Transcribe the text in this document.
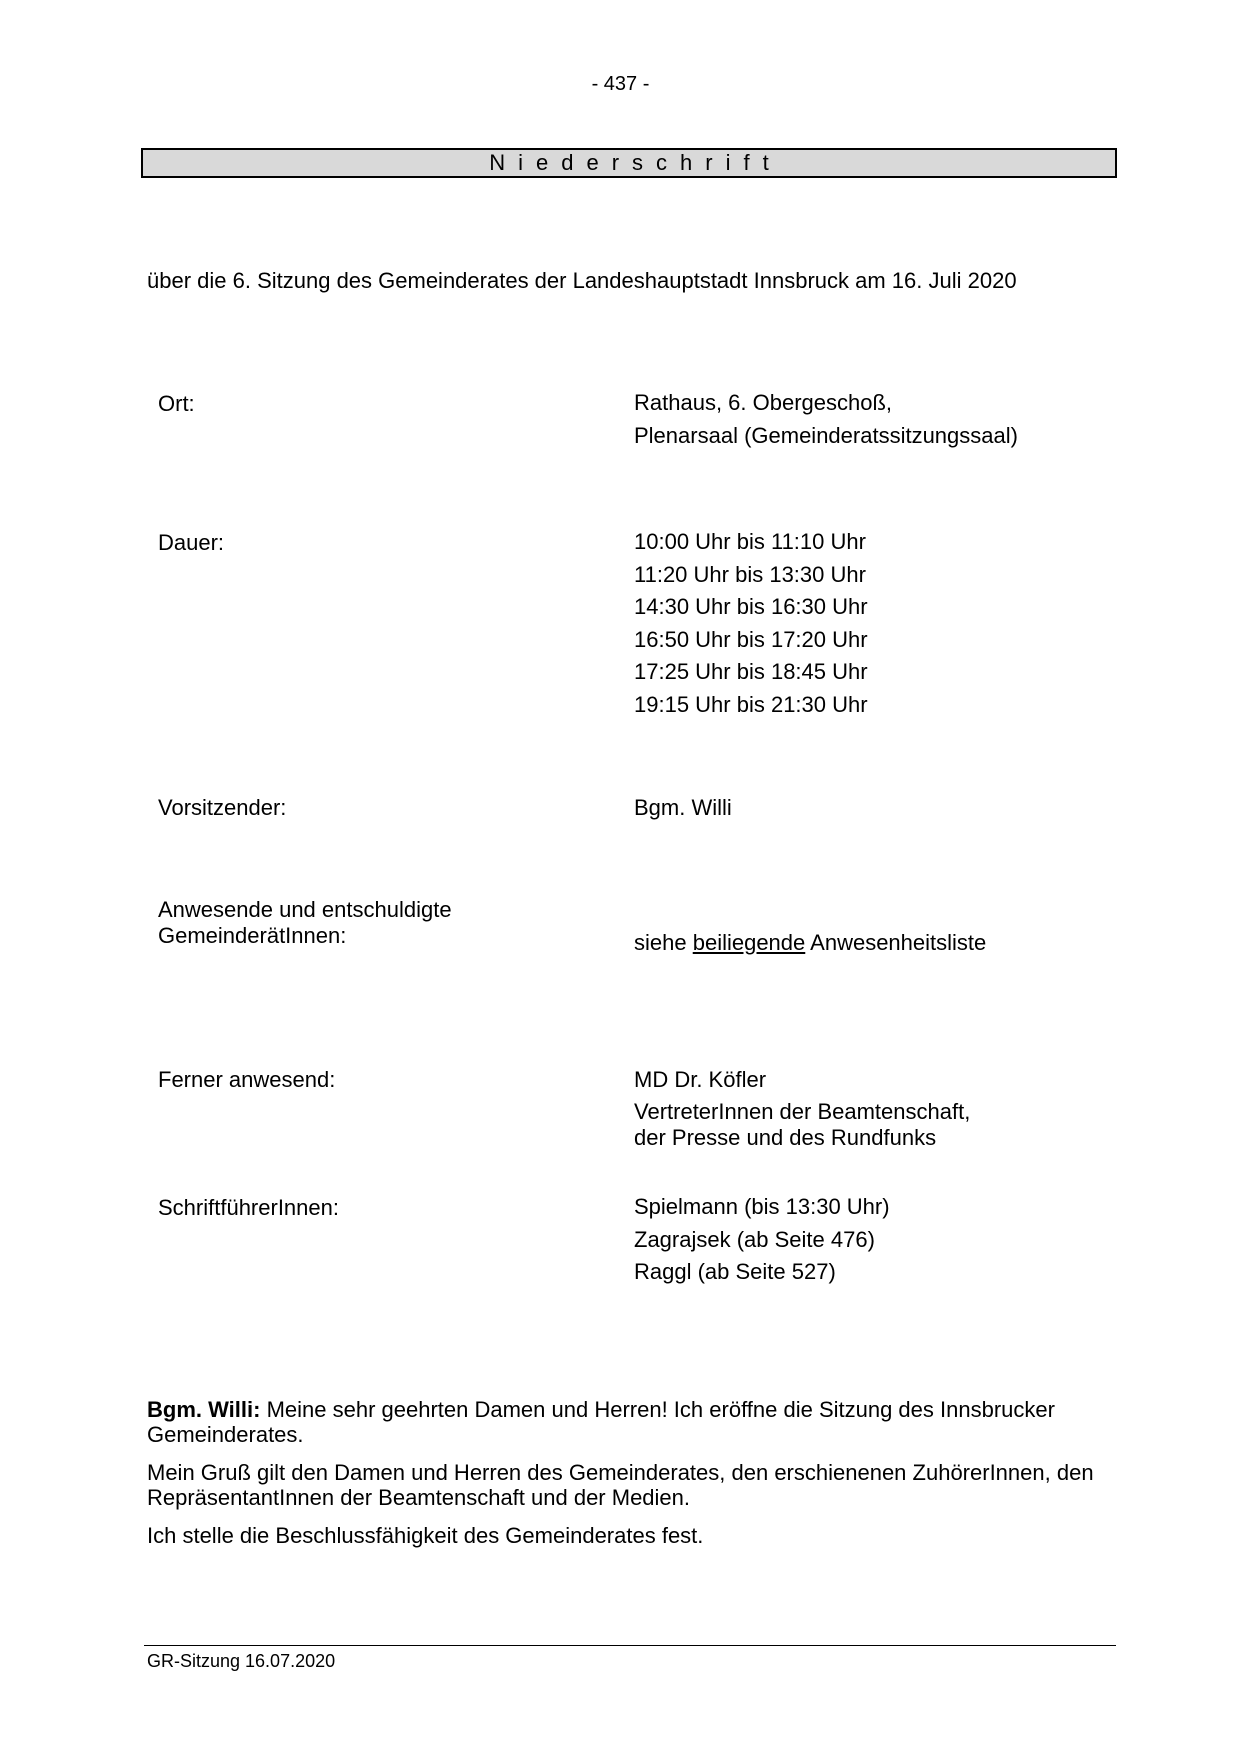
- 437 -
Niederschrift
über die 6. Sitzung des Gemeinderates der Landeshauptstadt Innsbruck am 16. Juli 2020
Ort:	Rathaus, 6. Obergeschoß,
Plenarsaal (Gemeinderatssitzungssaal)
Dauer:	10:00 Uhr bis 11:10 Uhr
11:20 Uhr bis 13:30 Uhr
14:30 Uhr bis 16:30 Uhr
16:50 Uhr bis 17:20 Uhr
17:25 Uhr bis 18:45 Uhr
19:15 Uhr bis 21:30 Uhr
Vorsitzender:	Bgm. Willi
Anwesende und entschuldigte
GemeinderätInnen:	siehe beiliegende Anwesenheitsliste
Ferner anwesend:	MD Dr. Köfler
VertreterInnen der Beamtenschaft,
der Presse und des Rundfunks
SchriftführerInnen:	Spielmann (bis 13:30 Uhr)
Zagrajsek (ab Seite 476)
Raggl (ab Seite 527)

Bgm. Willi: Meine sehr geehrten Damen und Herren! Ich eröffne die Sitzung des Innsbrucker Gemeinderates.

Mein Gruß gilt den Damen und Herren des Gemeinderates, den erschienenen ZuhörerInnen, den RepräsentantInnen der Beamtenschaft und der Medien.

Ich stelle die Beschlussfähigkeit des Gemeinderates fest.

GR-Sitzung 16.07.2020
